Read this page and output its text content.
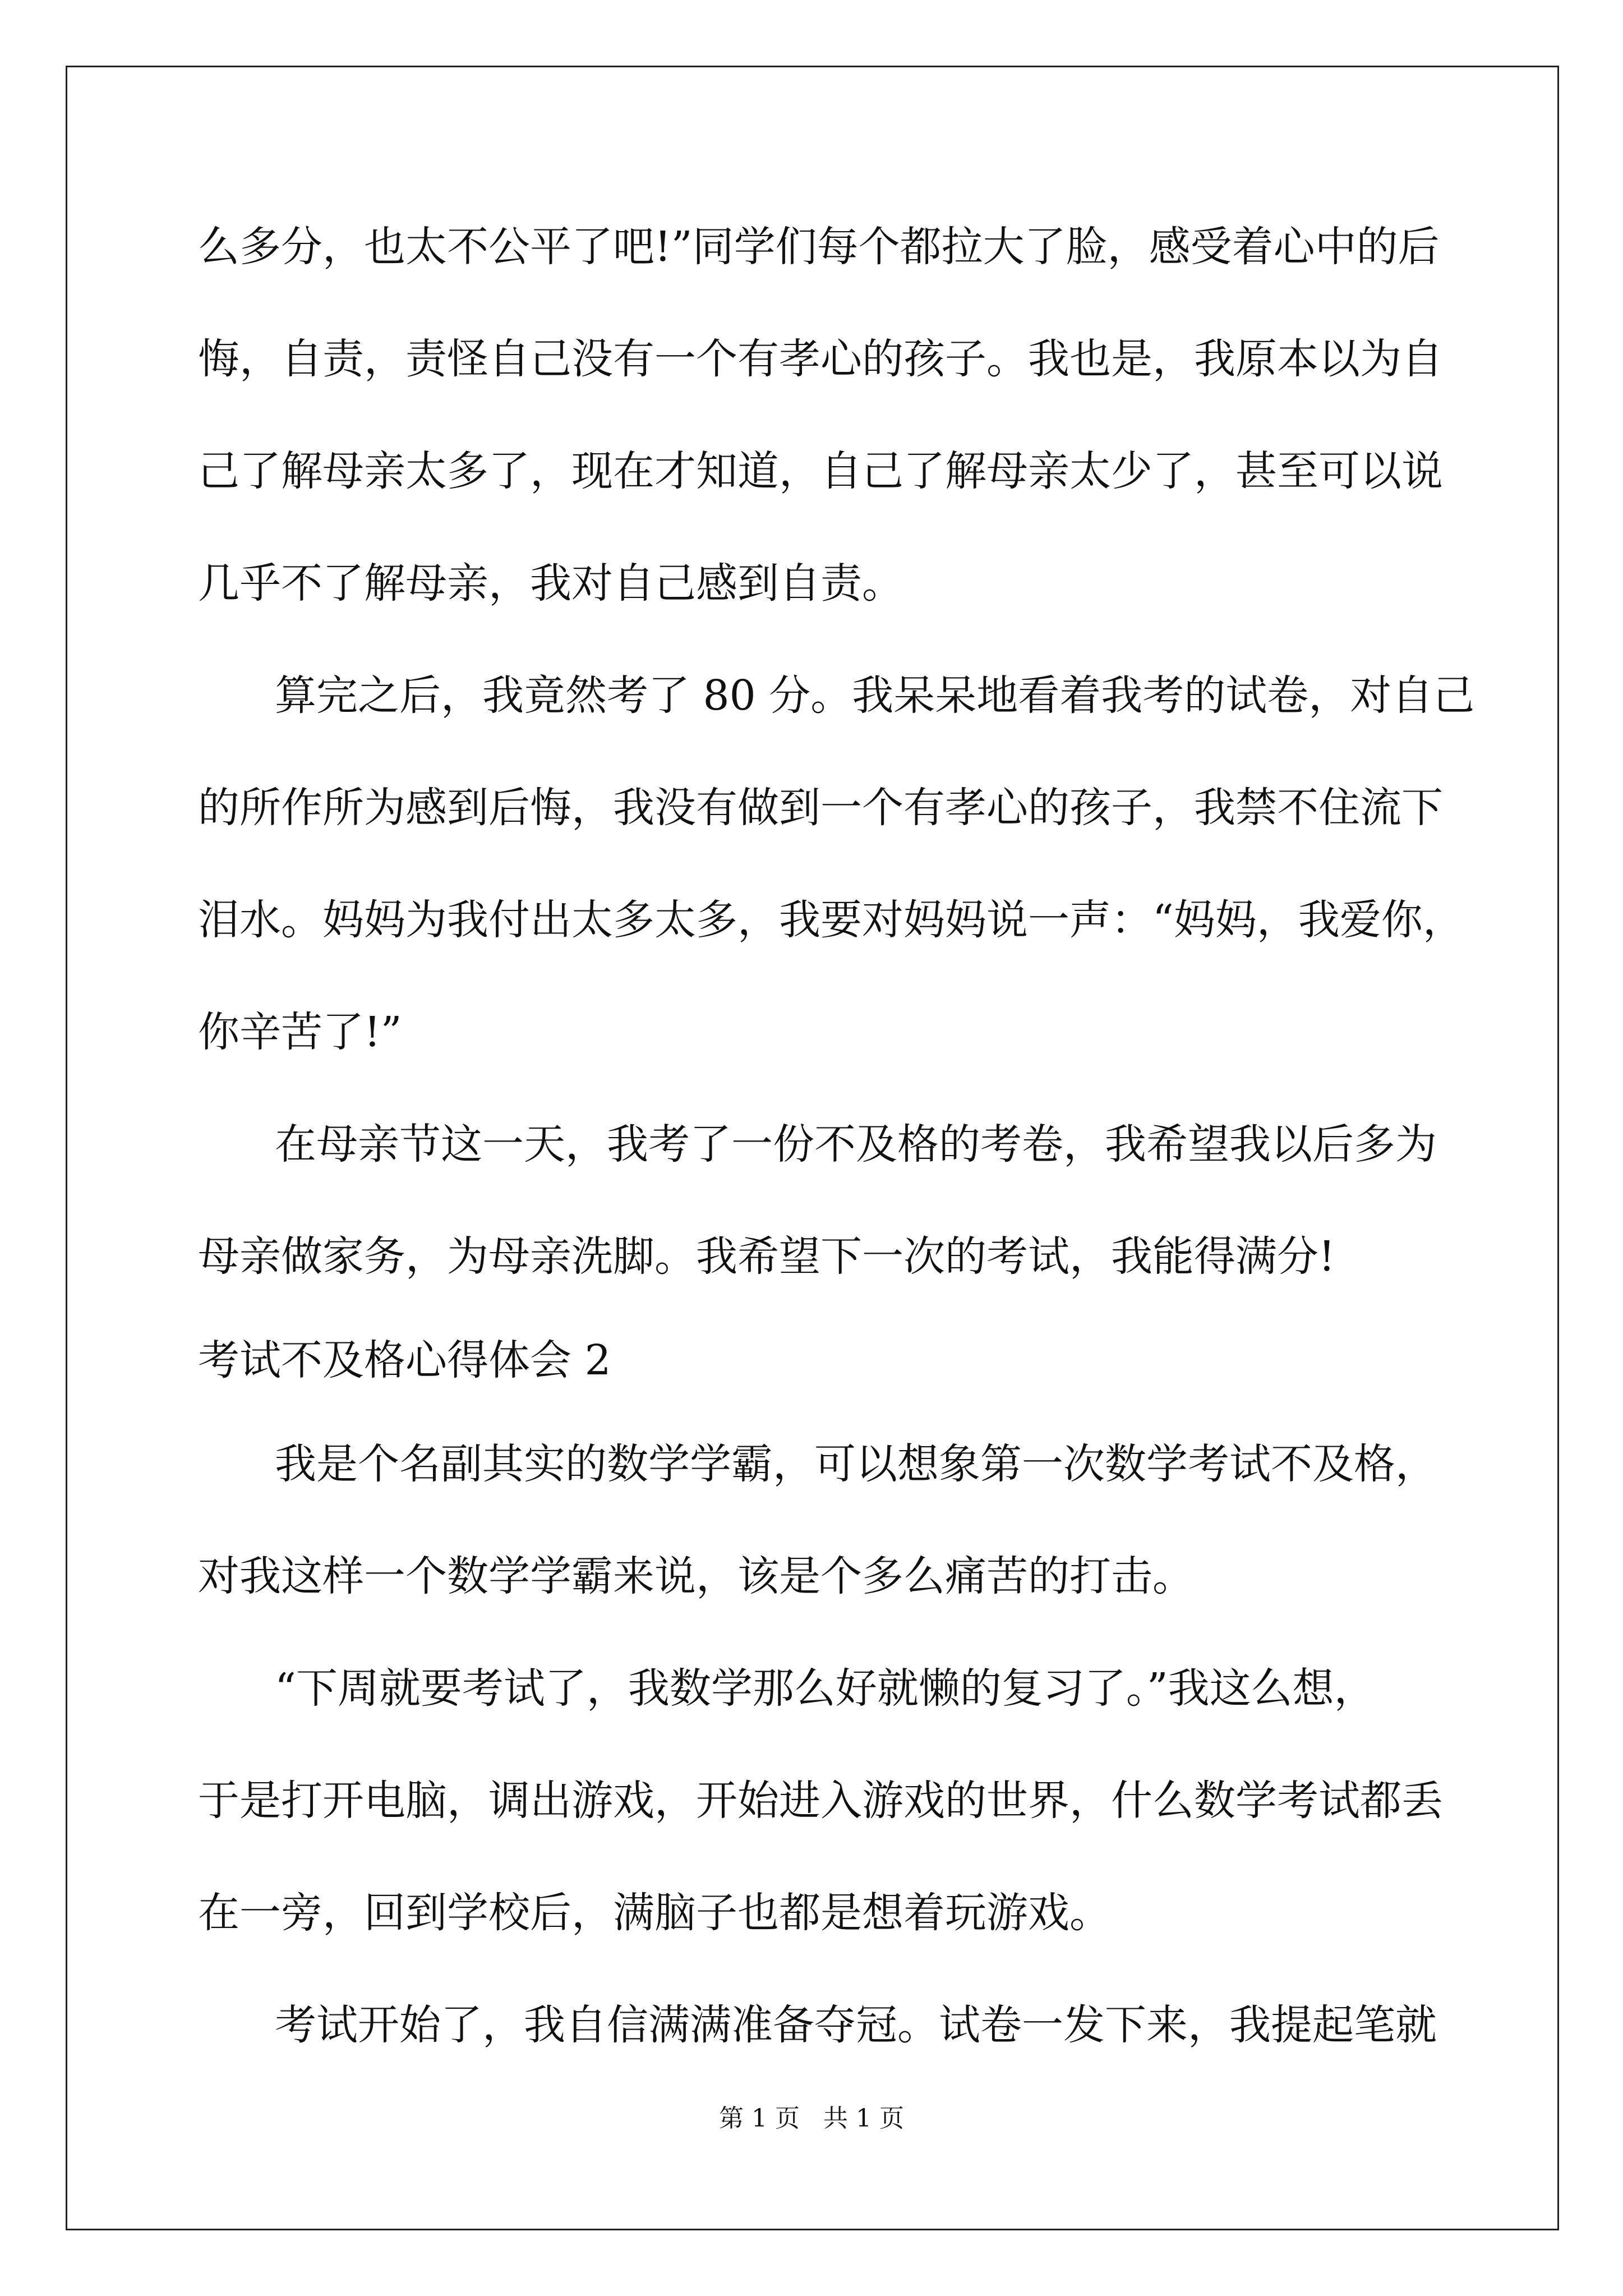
么多分，也太不公平了吧!”同学们每个都拉大了脸，感受着心中的后
悔，自责，责怪自己没有一个有孝心的孩子。我也是，我原本以为自
己了解母亲太多了，现在才知道，自己了解母亲太少了，甚至可以说
几乎不了解母亲，我对自己感到自责。
算完之后，我竟然考了 80 分。我呆呆地看着我考的试卷，对自己
的所作所为感到后悔，我没有做到一个有孝心的孩子，我禁不住流下
泪水。妈妈为我付出太多太多，我要对妈妈说一声：“妈妈，我爱你，
你辛苦了!”
在母亲节这一天，我考了一份不及格的考卷，我希望我以后多为
母亲做家务，为母亲洗脚。我希望下一次的考试，我能得满分!
考试不及格心得体会 2
我是个名副其实的数学学霸，可以想象第一次数学考试不及格，
对我这样一个数学学霸来说，该是个多么痛苦的打击。
“下周就要考试了，我数学那么好就懒的复习了。”我这么想，
于是打开电脑，调出游戏，开始进入游戏的世界，什么数学考试都丢
在一旁，回到学校后，满脑子也都是想着玩游戏。
考试开始了，我自信满满准备夺冠。试卷一发下来，我提起笔就
第 1 页   共 1 页
